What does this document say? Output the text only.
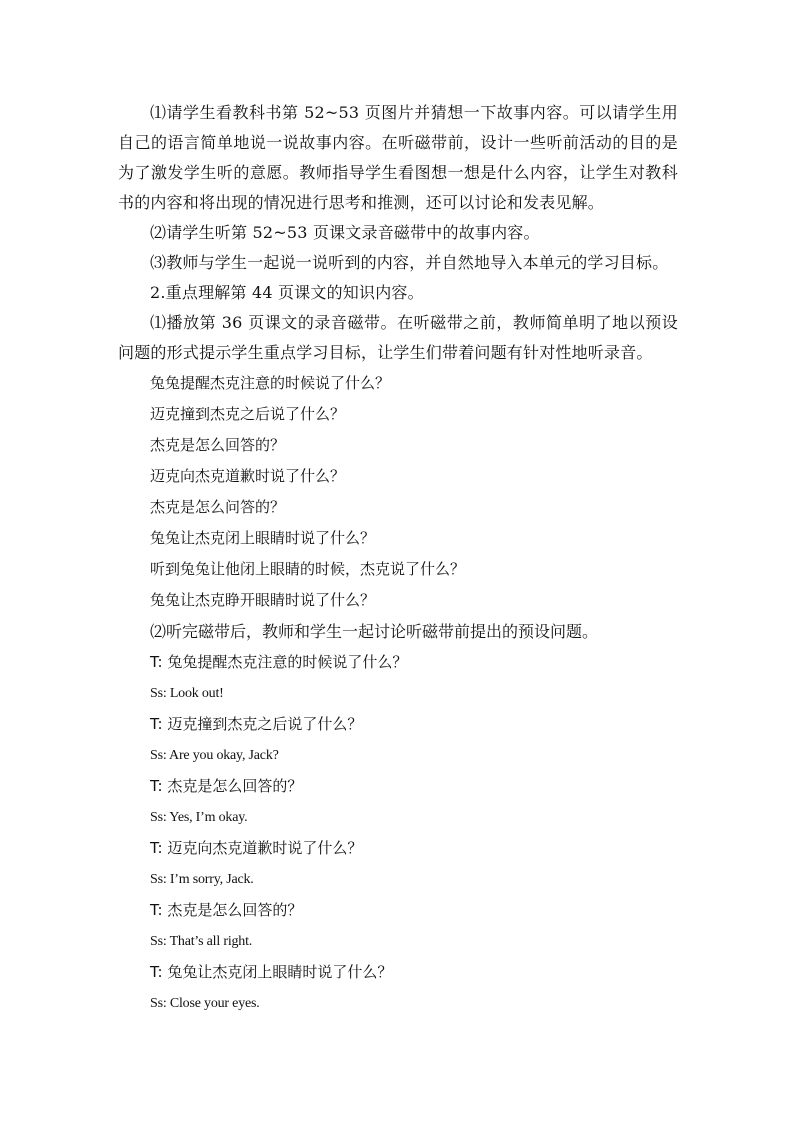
⑴请学生看教科书第 52~53 页图片并猜想一下故事内容。可以请学生用自己的语言简单地说一说故事内容。在听磁带前，设计一些听前活动的目的是为了激发学生听的意愿。教师指导学生看图想一想是什么内容，让学生对教科书的内容和将出现的情况进行思考和推测，还可以讨论和发表见解。

⑵请学生听第 52~53 页课文录音磁带中的故事内容。

⑶教师与学生一起说一说听到的内容，并自然地导入本单元的学习目标。

2.重点理解第 44 页课文的知识内容。

⑴播放第 36 页课文的录音磁带。在听磁带之前，教师简单明了地以预设问题的形式提示学生重点学习目标，让学生们带着问题有针对性地听录音。

兔兔提醒杰克注意的时候说了什么？

迈克撞到杰克之后说了什么？

杰克是怎么回答的？

迈克向杰克道歉时说了什么？

杰克是怎么问答的？

兔兔让杰克闭上眼睛时说了什么？

听到兔兔让他闭上眼睛的时候，杰克说了什么？

兔兔让杰克睁开眼睛时说了什么？

⑵听完磁带后，教师和学生一起讨论听磁带前提出的预设问题。

T: 兔兔提醒杰克注意的时候说了什么？

Ss: Look out!

T: 迈克撞到杰克之后说了什么？

Ss: Are you okay, Jack?

T: 杰克是怎么回答的？

Ss: Yes, I’m okay.

T: 迈克向杰克道歉时说了什么？

Ss: I’m sorry, Jack.

T: 杰克是怎么回答的？

Ss: That’s all right.

T: 兔兔让杰克闭上眼睛时说了什么？

Ss: Close your eyes.
